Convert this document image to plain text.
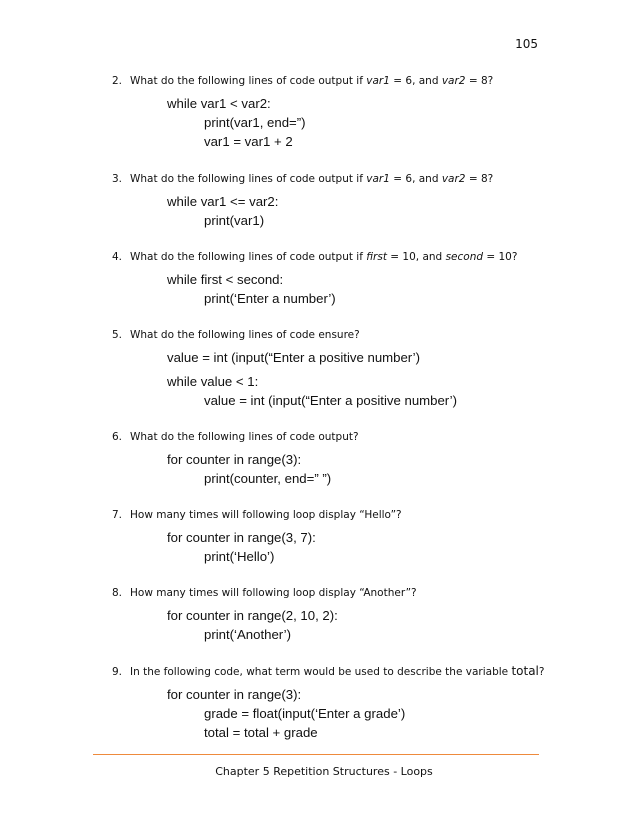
105
2. What do the following lines of code output if var1 = 6, and var2 = 8?
while var1 < var2:
print(var1, end=”)
var1 = var1 + 2
3. What do the following lines of code output if var1 = 6, and var2 = 8?
while var1 <= var2:
print(var1)
4. What do the following lines of code output if first = 10, and second = 10?
while first < second:
print(‘Enter a number’)
5. What do the following lines of code ensure?
value = int (input(“Enter a positive number’)
while value < 1:
value = int (input(“Enter a positive number’)
6. What do the following lines of code output?
for counter in range(3):
print(counter, end=” ”)
7. How many times will following loop display “Hello”?
for counter in range(3, 7):
print(‘Hello’)
8. How many times will following loop display “Another”?
for counter in range(2, 10, 2):
print(‘Another’)
9. In the following code, what term would be used to describe the variable total?
for counter in range(3):
grade = float(input(‘Enter a grade’)
total = total + grade
Chapter 5 Repetition Structures - Loops
